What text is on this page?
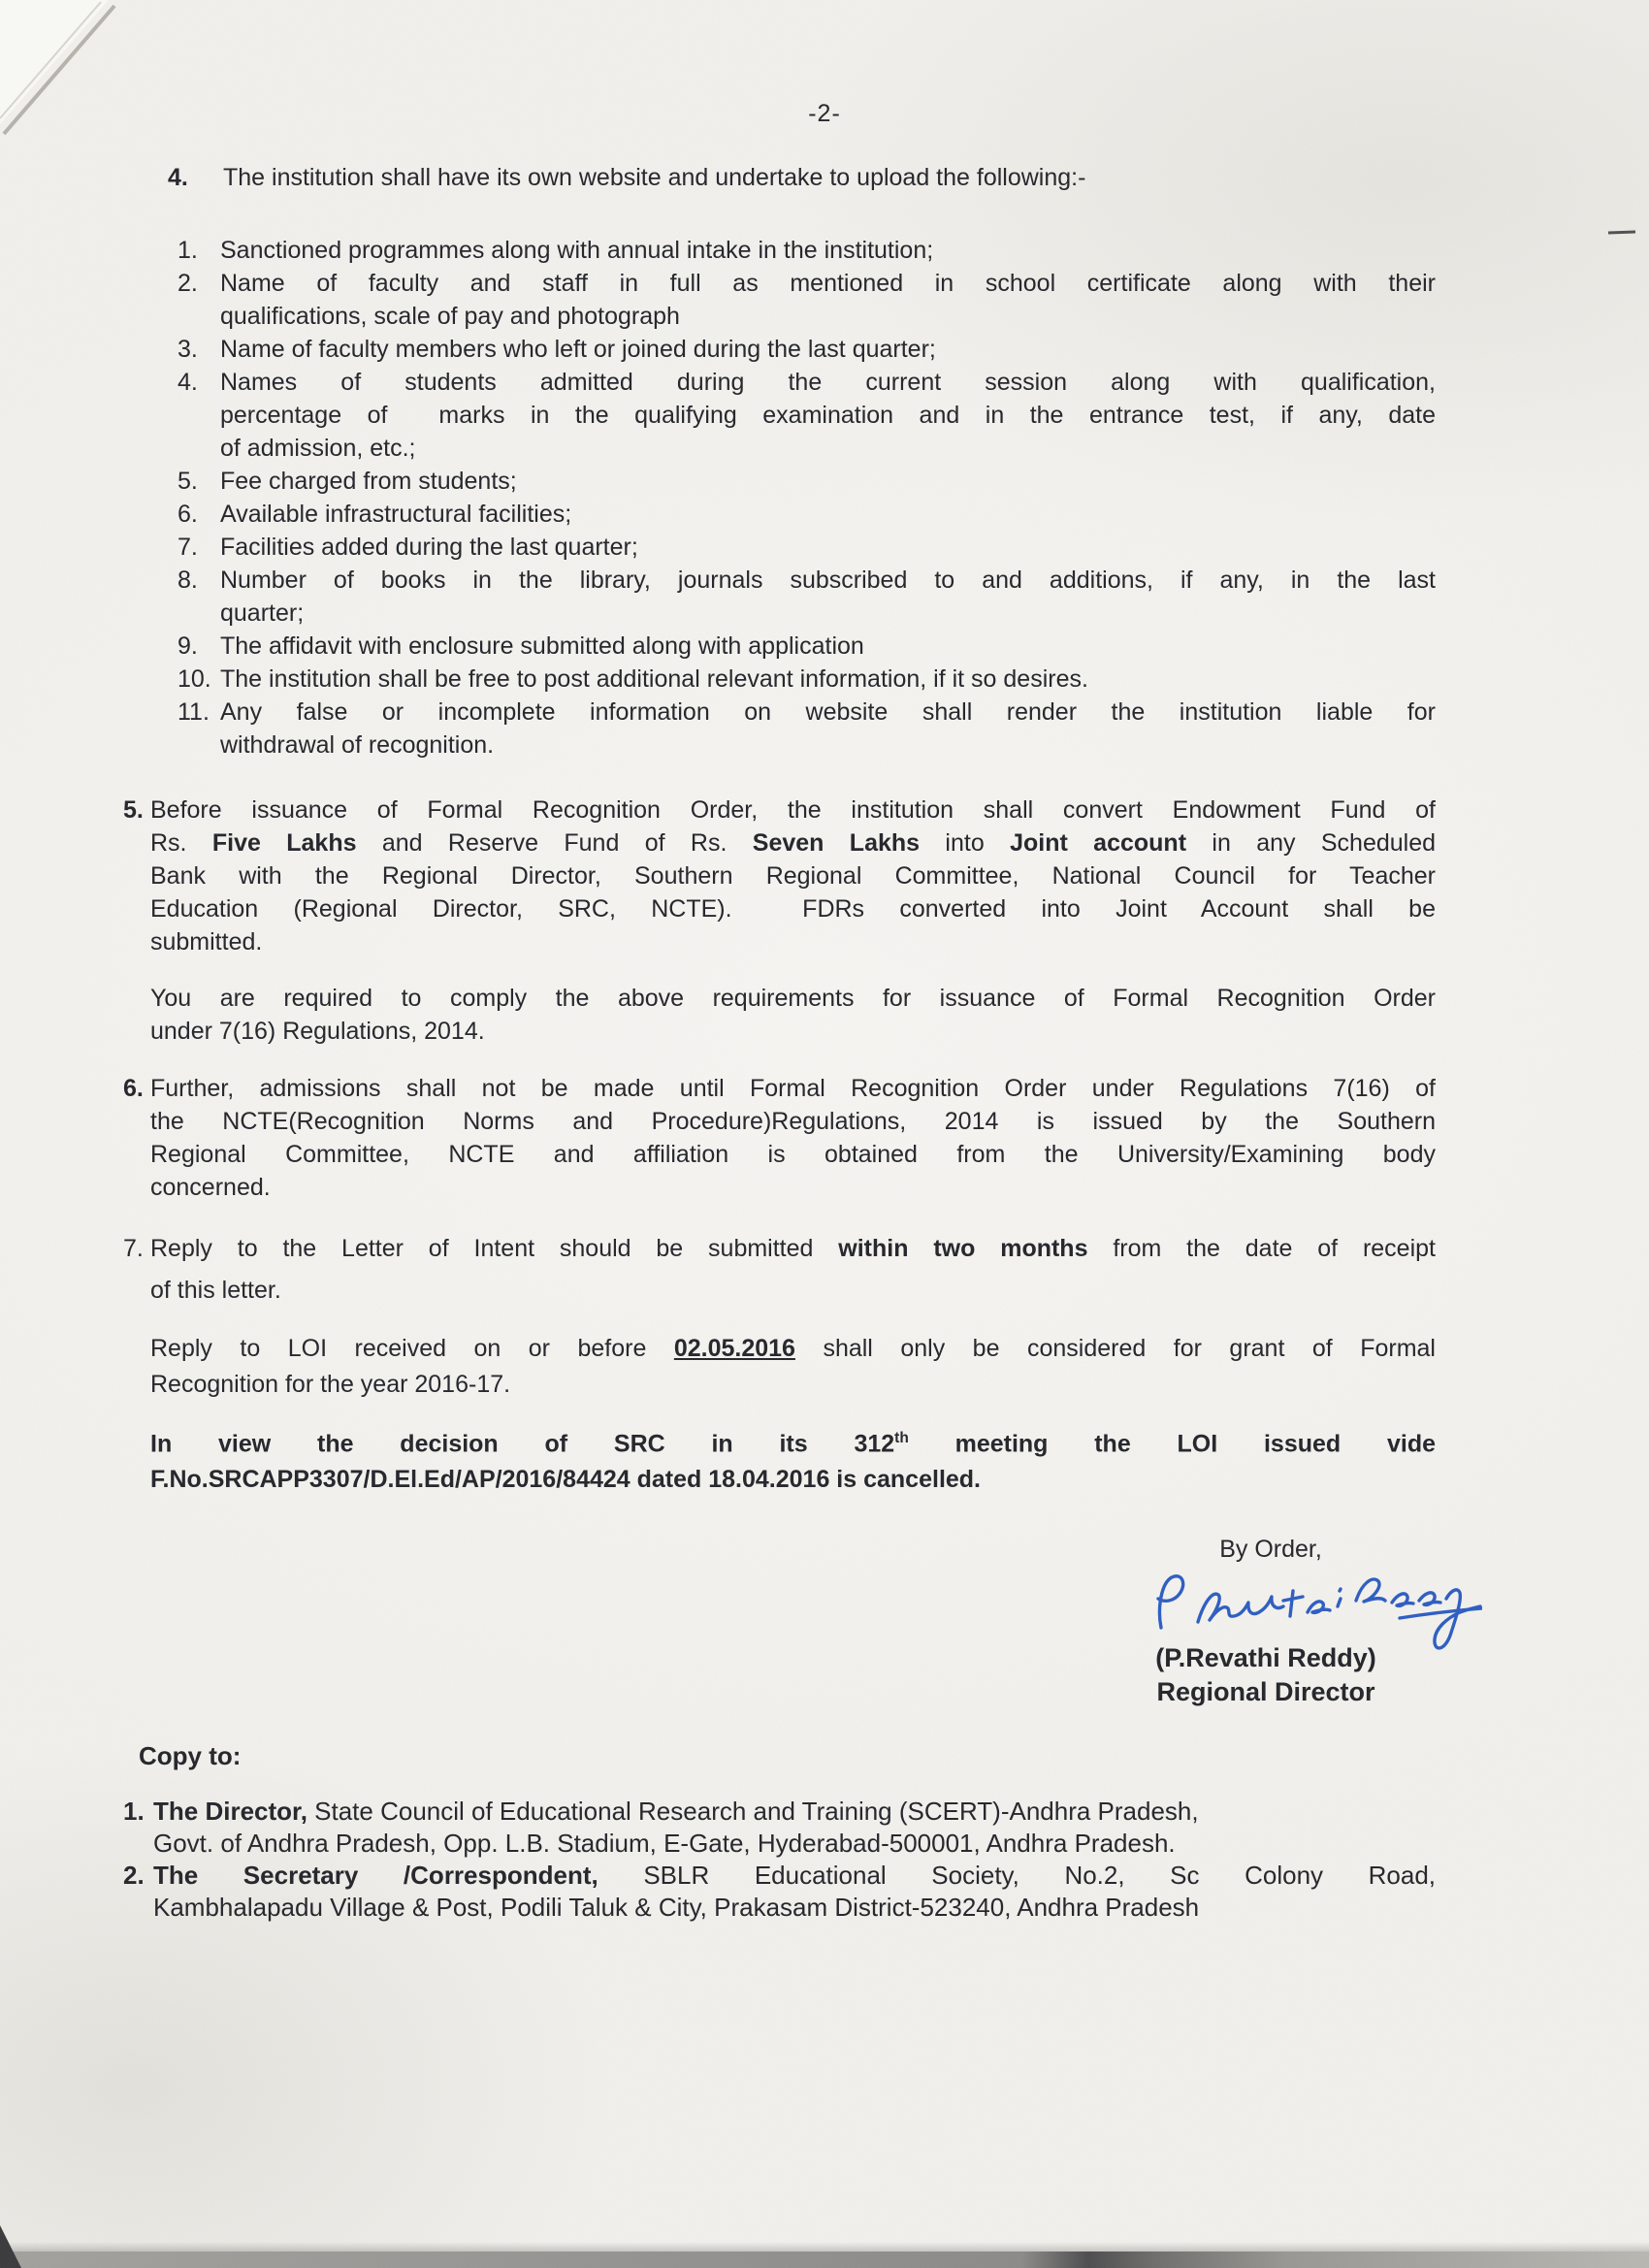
-2-
4.	The institution shall have its own website and undertake to upload the following:-
1. Sanctioned programmes along with annual intake in the institution;
2. Name of faculty and staff in full as mentioned in school certificate along with their
qualifications, scale of pay and photograph
3. Name of faculty members who left or joined during the last quarter;
4. Names of students admitted during the current session along with qualification,
percentage of  marks in the qualifying examination and in the entrance test, if any, date
of admission, etc.;
5. Fee charged from students;
6. Available infrastructural facilities;
7. Facilities added during the last quarter;
8. Number of books in the library, journals subscribed to and additions, if any, in the last
quarter;
9. The affidavit with enclosure submitted along with application
10. The institution shall be free to post additional relevant information, if it so desires.
11. Any false or incomplete information on website shall render the institution liable for
withdrawal of recognition.
5. Before issuance of Formal Recognition Order, the institution shall convert Endowment Fund of
Rs. Five Lakhs and Reserve Fund of Rs. Seven Lakhs into Joint account in any Scheduled
Bank with the Regional Director, Southern Regional Committee, National Council for Teacher
Education (Regional Director, SRC, NCTE).  FDRs converted into Joint Account shall be
submitted.
You are required to comply the above requirements for issuance of Formal Recognition Order
under 7(16) Regulations, 2014.
6. Further, admissions shall not be made until Formal Recognition Order under Regulations 7(16) of
the NCTE(Recognition Norms and Procedure)Regulations, 2014 is issued by the Southern
Regional Committee, NCTE and affiliation is obtained from the University/Examining body
concerned.
7. Reply to the Letter of Intent should be submitted within two months from the date of receipt
of this letter.
Reply to LOI received on or before 02.05.2016 shall only be considered for grant of Formal
Recognition for the year 2016-17.
In view the decision of SRC in its 312th meeting the LOI issued vide
F.No.SRCAPP3307/D.El.Ed/AP/2016/84424 dated 18.04.2016 is cancelled.
By Order,
(P.Revathi Reddy)
Regional Director
Copy to:
1. The Director, State Council of Educational Research and Training (SCERT)-Andhra Pradesh,
Govt. of Andhra Pradesh, Opp. L.B. Stadium, E-Gate, Hyderabad-500001, Andhra Pradesh.
2. The Secretary /Correspondent, SBLR Educational Society, No.2, Sc Colony Road,
Kambhalapadu Village & Post, Podili Taluk & City, Prakasam District-523240, Andhra Pradesh
